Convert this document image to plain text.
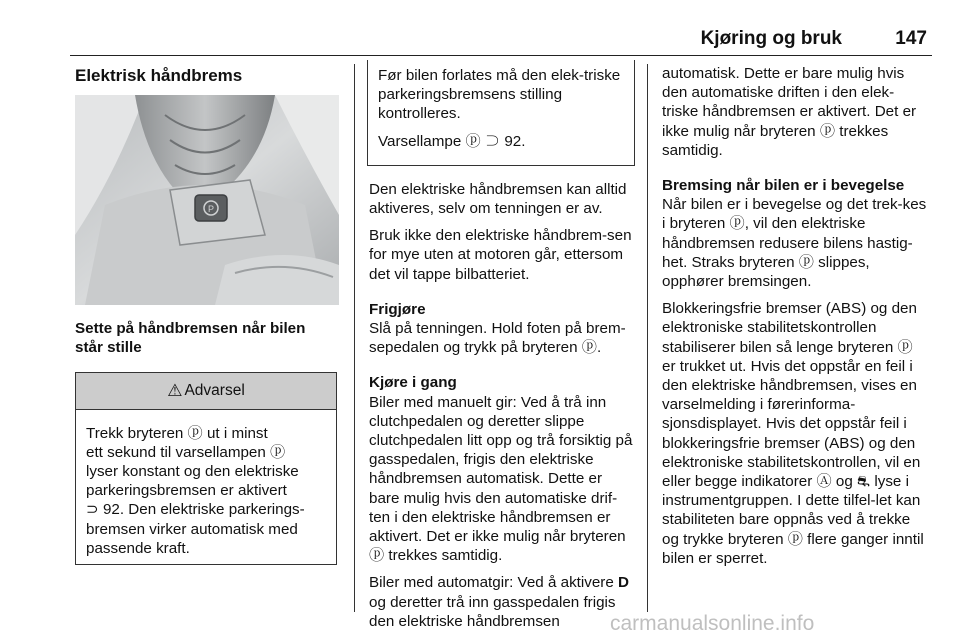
Kjøring og bruk	147
Elektrisk håndbrems
P
Sette på håndbremsen når bilen står stille
⚠ Advarsel
Trekk bryteren ⓟ ut i minst
ett sekund til varsellampen ⓟ
lyser konstant og den elektriske
parkeringsbremsen er aktivert
⊃ 92. Den elektriske parkerings-
bremsen virker automatisk med
passende kraft.

Før bilen forlates må den elek-triske parkeringsbremsens stilling kontrolleres.

Varsellampe ⓟ ⊃ 92.

Den elektriske håndbremsen kan alltid aktiveres, selv om tenningen er av.

Bruk ikke den elektriske håndbrem-sen for mye uten at motoren går, ettersom det vil tappe bilbatteriet.

Frigjøre

Slå på tenningen. Hold foten på brem-sepedalen og trykk på bryteren ⓟ.

Kjøre i gang

Biler med manuelt gir: Ved å trå inn clutchpedalen og deretter slippe clutchpedalen litt opp og trå forsiktig på gasspedalen, frigis den elektriske håndbremsen automatisk. Dette er bare mulig hvis den automatiske drif-ten i den elektriske håndbremsen er aktivert. Det er ikke mulig når bryteren ⓟ trekkes samtidig.

Biler med automatgir: Ved å aktivere D og deretter trå inn gasspedalen frigis den elektriske håndbremsen

automatisk. Dette er bare mulig hvis den automatiske driften i den elek-triske håndbremsen er aktivert. Det er ikke mulig når bryteren ⓟ trekkes samtidig.

Bremsing når bilen er i bevegelse

Når bilen er i bevegelse og det trek-kes i bryteren ⓟ, vil den elektriske håndbremsen redusere bilens hastig-het. Straks bryteren ⓟ slippes, opphører bremsingen.

Blokkeringsfrie bremser (ABS) og den elektroniske stabilitetskontrollen stabiliserer bilen så lenge bryteren ⓟ er trukket ut. Hvis det oppstår en feil i den elektriske håndbremsen, vises en varselmelding i førerinforma-sjonsdisplayet. Hvis det oppstår feil i blokkeringsfrie bremser (ABS) og den elektroniske stabilitetskontrollen, vil en eller begge indikatorer Ⓐ og ⛐ lyse i instrumentgruppen. I dette tilfel-let kan stabiliteten bare oppnås ved å trekke og trykke bryteren ⓟ flere ganger inntil bilen er sperret.

carmanualsonline.info
